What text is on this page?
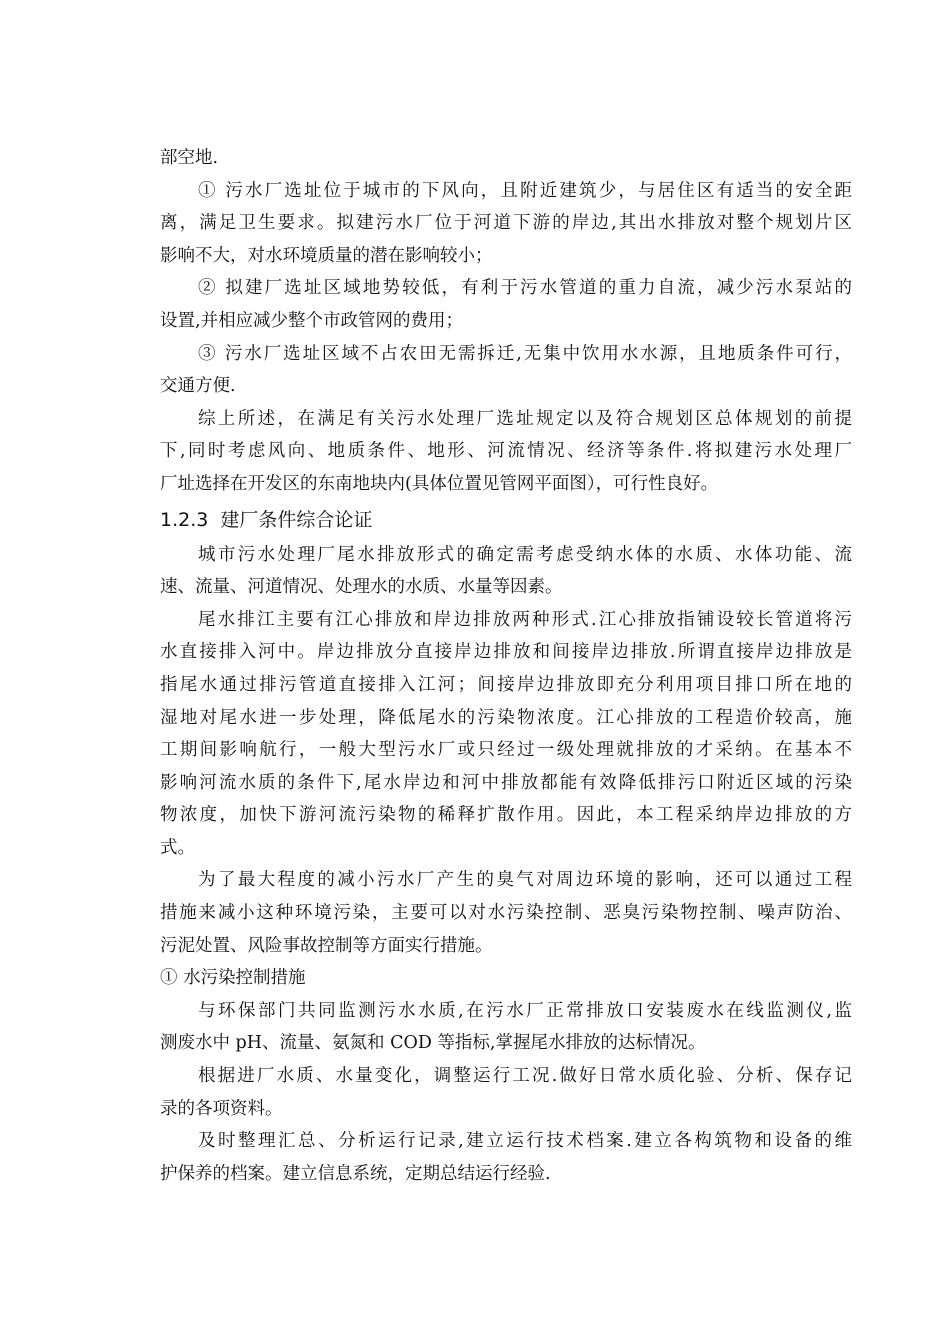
部空地.
① 污水厂选址位于城市的下风向，且附近建筑少，与居住区有适当的安全距
离，满足卫生要求。拟建污水厂位于河道下游的岸边,其出水排放对整个规划片区
影响不大，对水环境质量的潜在影响较小；
② 拟建厂选址区域地势较低，有利于污水管道的重力自流，减少污水泵站的
设置,并相应减少整个市政管网的费用；
③ 污水厂选址区域不占农田无需拆迁,无集中饮用水水源，且地质条件可行，
交通方便.
综上所述，在满足有关污水处理厂选址规定以及符合规划区总体规划的前提
下,同时考虑风向、地质条件、地形、河流情况、经济等条件.将拟建污水处理厂
厂址选择在开发区的东南地块内(具体位置见管网平面图），可行性良好。
1.2.3 建厂条件综合论证
城市污水处理厂尾水排放形式的确定需考虑受纳水体的水质、水体功能、流
速、流量、河道情况、处理水的水质、水量等因素。
尾水排江主要有江心排放和岸边排放两种形式.江心排放指铺设较长管道将污
水直接排入河中。岸边排放分直接岸边排放和间接岸边排放.所谓直接岸边排放是
指尾水通过排污管道直接排入江河；间接岸边排放即充分利用项目排口所在地的
湿地对尾水进一步处理，降低尾水的污染物浓度。江心排放的工程造价较高，施
工期间影响航行，一般大型污水厂或只经过一级处理就排放的才采纳。在基本不
影响河流水质的条件下,尾水岸边和河中排放都能有效降低排污口附近区域的污染
物浓度，加快下游河流污染物的稀释扩散作用。因此，本工程采纳岸边排放的方
式。
为了最大程度的减小污水厂产生的臭气对周边环境的影响，还可以通过工程
措施来减小这种环境污染，主要可以对水污染控制、恶臭污染物控制、噪声防治、
污泥处置、风险事故控制等方面实行措施。
① 水污染控制措施
与环保部门共同监测污水水质,在污水厂正常排放口安装废水在线监测仪,监
测废水中 pH、流量、氨氮和 COD 等指标,掌握尾水排放的达标情况。
根据进厂水质、水量变化，调整运行工况.做好日常水质化验、分析、保存记
录的各项资料。
及时整理汇总、分析运行记录,建立运行技术档案.建立各构筑物和设备的维
护保养的档案。建立信息系统，定期总结运行经验.
